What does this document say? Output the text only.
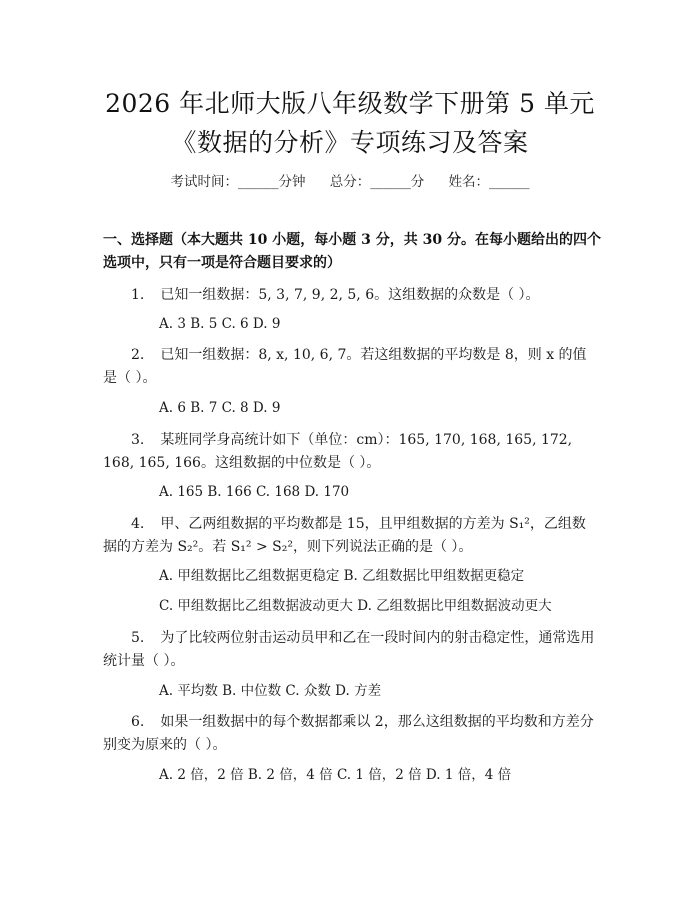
2026 年北师大版八年级数学下册第 5 单元
《数据的分析》专项练习及答案
考试时间：______分钟 总分：______分 姓名：______
一、选择题（本大题共 10 小题，每小题 3 分，共 30 分。在每小题给出的四个选项中，只有一项是符合题目要求的）
1. 已知一组数据：5, 3, 7, 9, 2, 5, 6。这组数据的众数是（ ）。
A. 3 B. 5 C. 6 D. 9
2. 已知一组数据：8, x, 10, 6, 7。若这组数据的平均数是 8，则 x 的值是（ ）。
A. 6 B. 7 C. 8 D. 9
3. 某班同学身高统计如下（单位：cm）：165, 170, 168, 165, 172, 168, 165, 166。这组数据的中位数是（ ）。
A. 165 B. 166 C. 168 D. 170
4. 甲、乙两组数据的平均数都是 15，且甲组数据的方差为 S₁²，乙组数据的方差为 S₂²。若 S₁² > S₂²，则下列说法正确的是（ ）。
A. 甲组数据比乙组数据更稳定 B. 乙组数据比甲组数据更稳定
C. 甲组数据比乙组数据波动更大 D. 乙组数据比甲组数据波动更大
5. 为了比较两位射击运动员甲和乙在一段时间内的射击稳定性，通常选用统计量（ ）。
A. 平均数 B. 中位数 C. 众数 D. 方差
6. 如果一组数据中的每个数据都乘以 2，那么这组数据的平均数和方差分别变为原来的（ ）。
A. 2 倍，2 倍 B. 2 倍，4 倍 C. 1 倍，2 倍 D. 1 倍，4 倍
